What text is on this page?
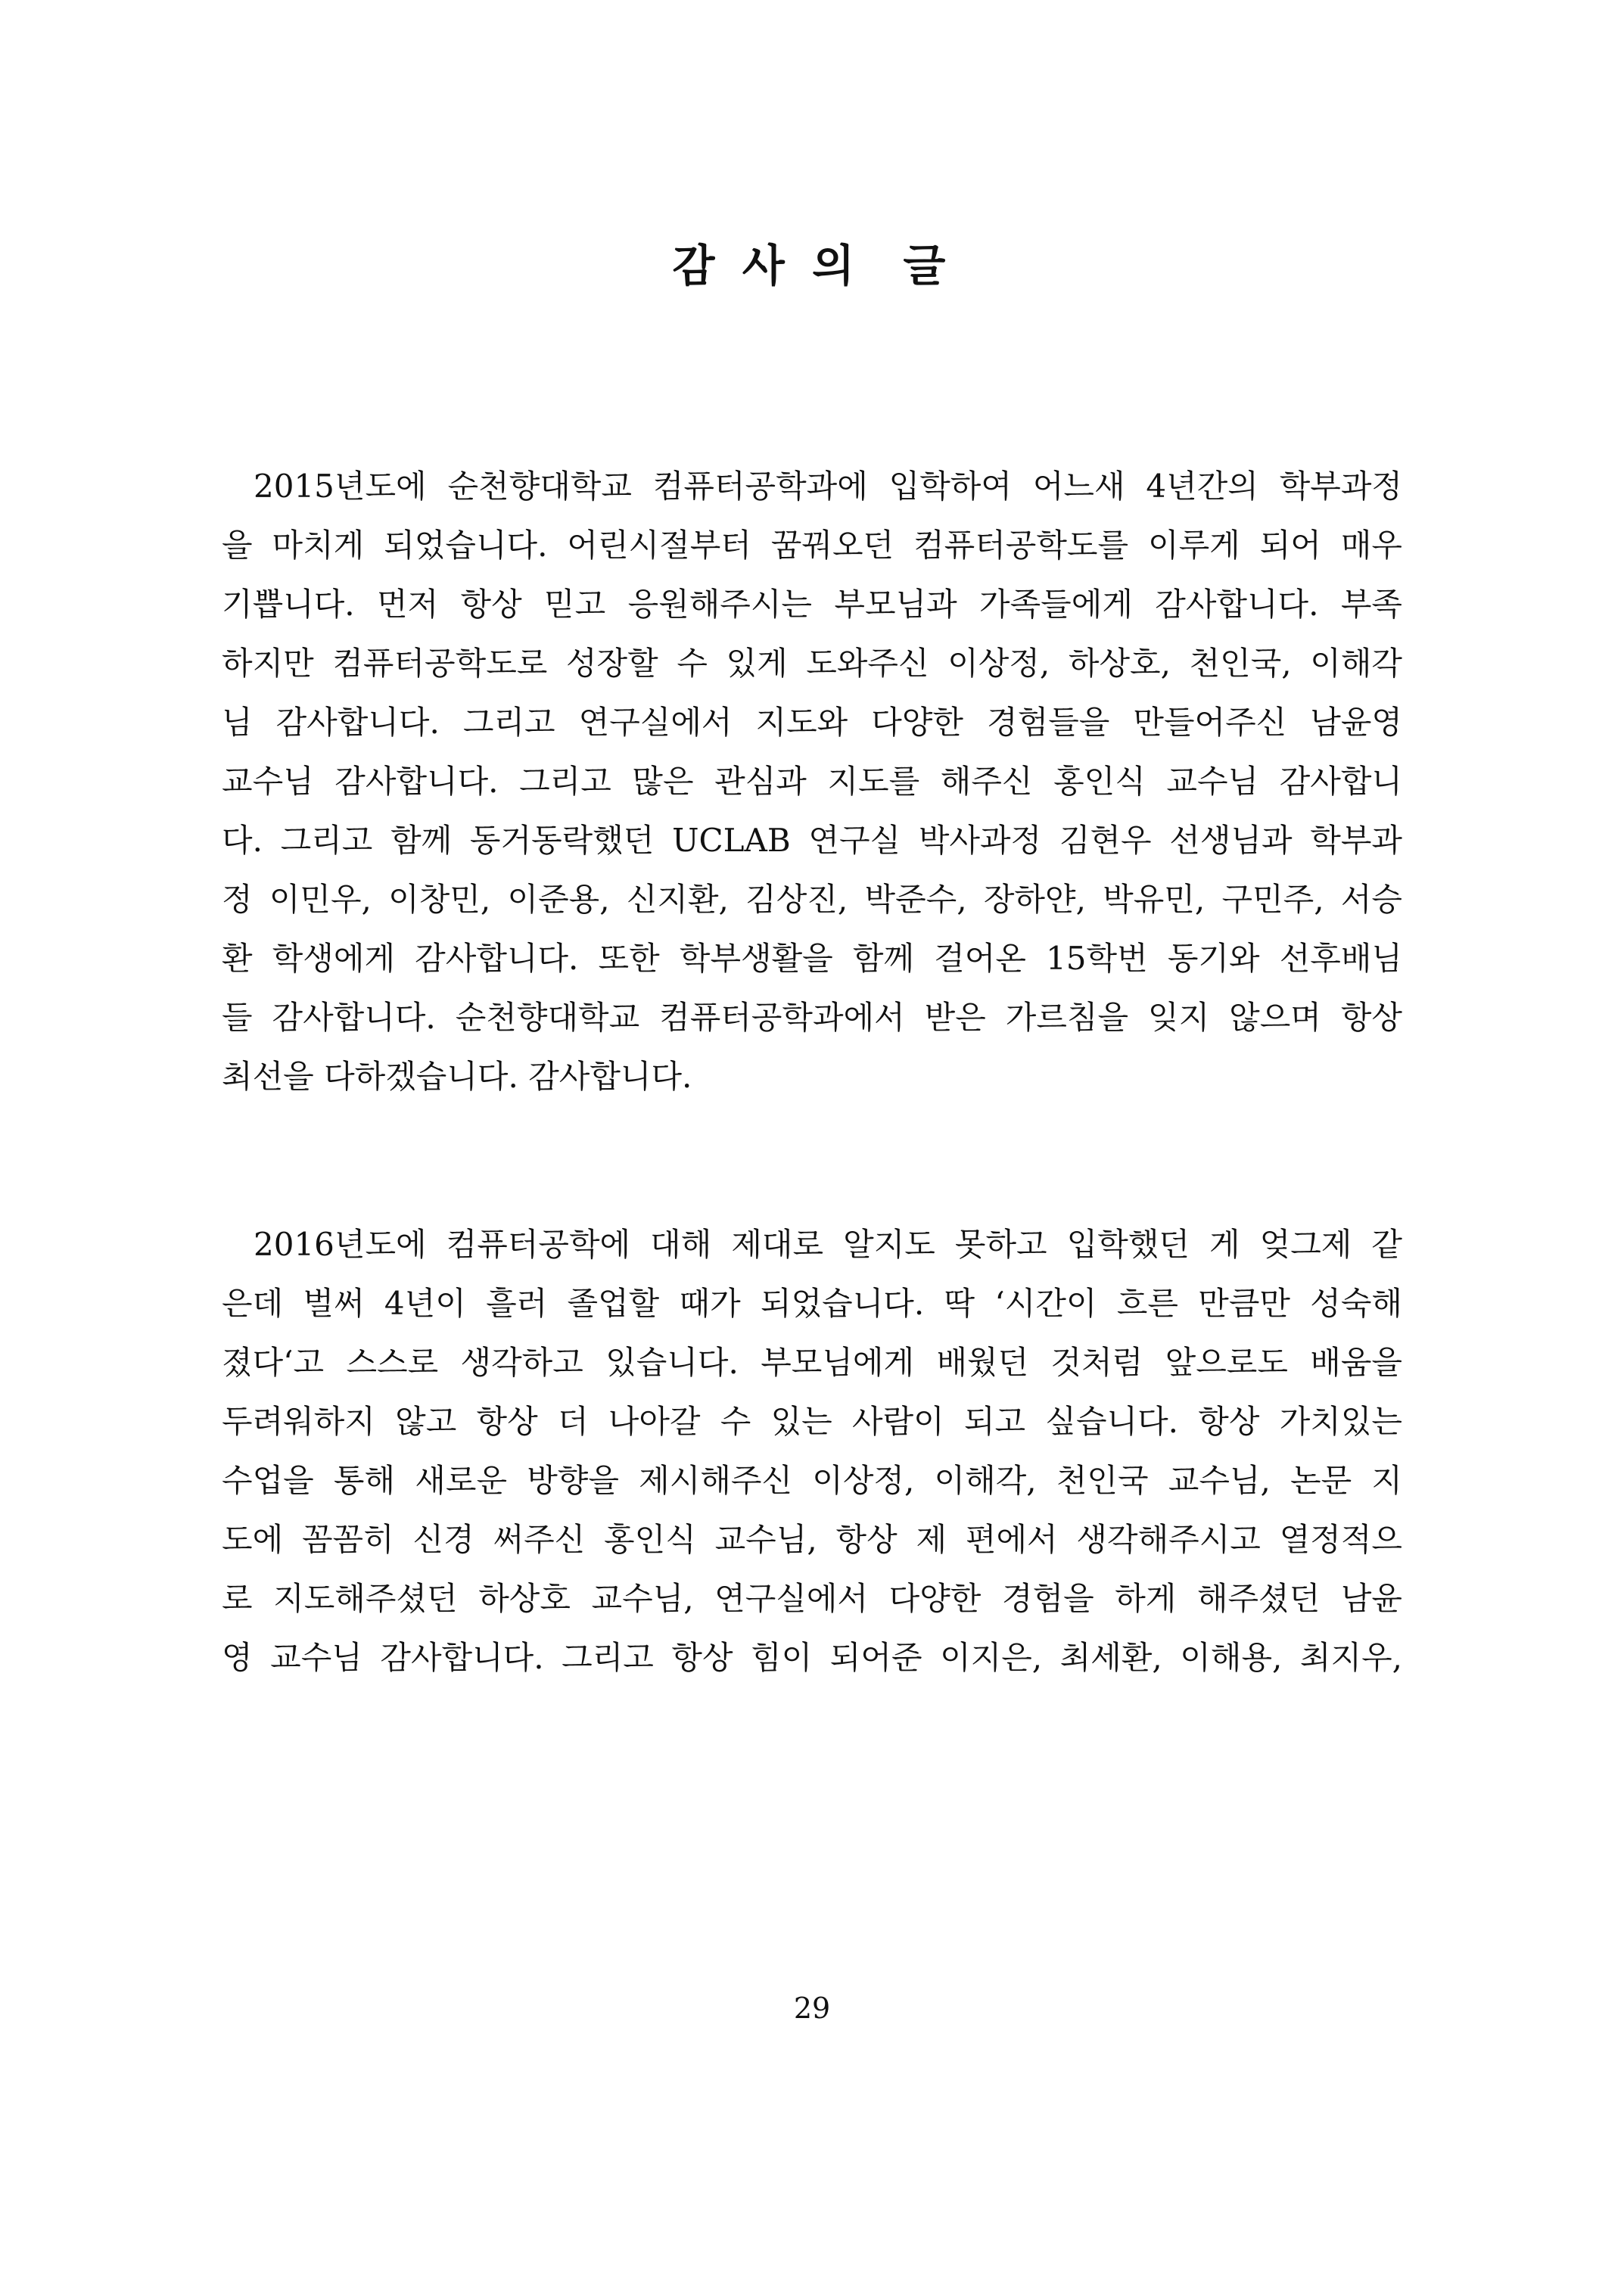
감 사 의  글
2015년도에 순천향대학교 컴퓨터공학과에 입학하여 어느새 4년간의 학부과정
을 마치게 되었습니다. 어린시절부터 꿈꿔오던 컴퓨터공학도를 이루게 되어 매우
기쁩니다. 먼저 항상 믿고 응원해주시는 부모님과 가족들에게 감사합니다. 부족
하지만 컴퓨터공학도로 성장할 수 있게 도와주신 이상정, 하상호, 천인국, 이해각
님 감사합니다. 그리고 연구실에서 지도와 다양한 경험들을 만들어주신 남윤영
교수님 감사합니다. 그리고 많은 관심과 지도를 해주신 홍인식 교수님 감사합니
다. 그리고 함께 동거동락했던 UCLAB 연구실 박사과정 김현우 선생님과 학부과
정 이민우, 이창민, 이준용, 신지환, 김상진, 박준수, 장하얀, 박유민, 구민주, 서승
환 학생에게 감사합니다. 또한 학부생활을 함께 걸어온 15학번 동기와 선후배님
들 감사합니다. 순천향대학교 컴퓨터공학과에서 받은 가르침을 잊지 않으며 항상
최선을 다하겠습니다. 감사합니다.
2016년도에 컴퓨터공학에 대해 제대로 알지도 못하고 입학했던 게 엊그제 같
은데 벌써 4년이 흘러 졸업할 때가 되었습니다. 딱 ‘시간이 흐른 만큼만 성숙해
졌다‘고 스스로 생각하고 있습니다. 부모님에게 배웠던 것처럼 앞으로도 배움을
두려워하지 않고 항상 더 나아갈 수 있는 사람이 되고 싶습니다. 항상 가치있는
수업을 통해 새로운 방향을 제시해주신 이상정, 이해각, 천인국 교수님, 논문 지
도에 꼼꼼히 신경 써주신 홍인식 교수님, 항상 제 편에서 생각해주시고 열정적으
로 지도해주셨던 하상호 교수님, 연구실에서 다양한 경험을 하게 해주셨던 남윤
영 교수님 감사합니다. 그리고 항상 힘이 되어준 이지은, 최세환, 이해용, 최지우,
29
